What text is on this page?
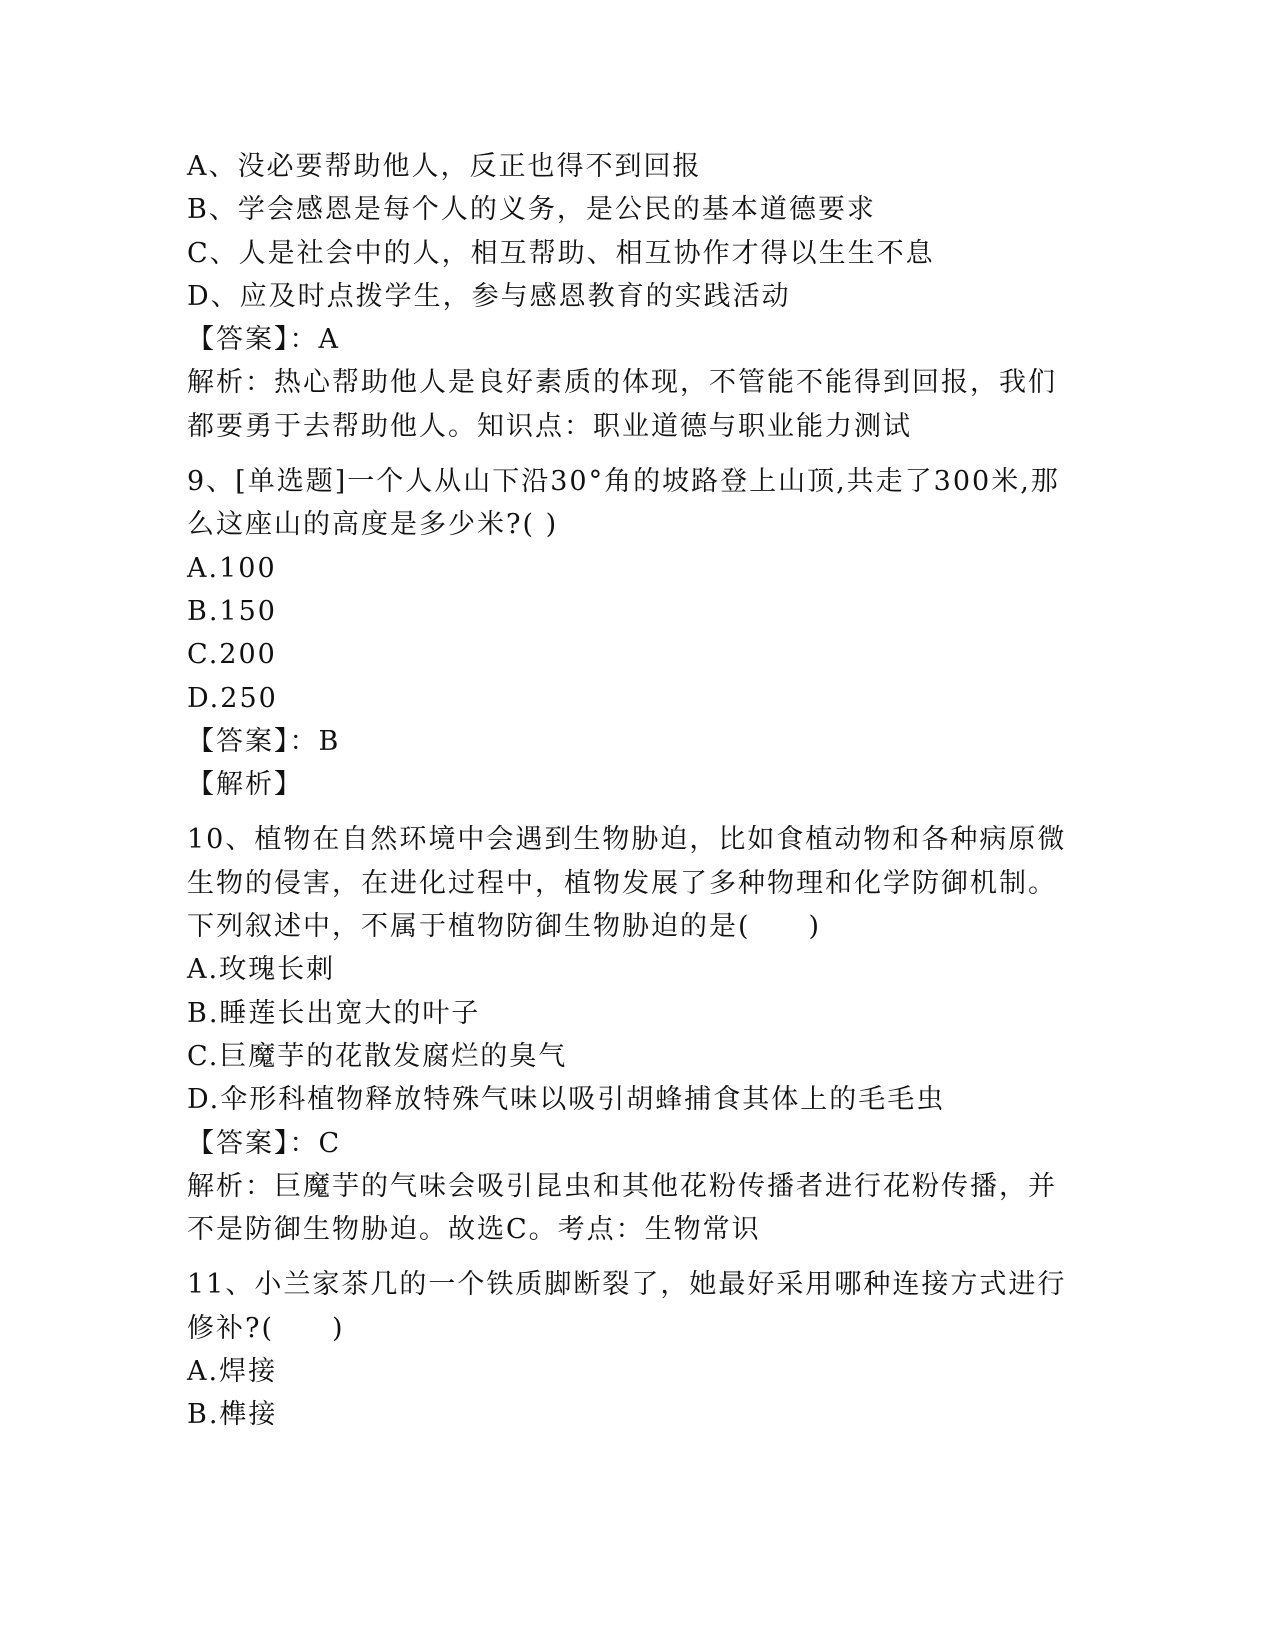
A、没必要帮助他人，反正也得不到回报
B、学会感恩是每个人的义务，是公民的基本道德要求
C、人是社会中的人，相互帮助、相互协作才得以生生不息
D、应及时点拨学生，参与感恩教育的实践活动
【答案】：A
解析：热心帮助他人是良好素质的体现，不管能不能得到回报，我们
都要勇于去帮助他人。知识点：职业道德与职业能力测试
9、[单选题]一个人从山下沿30°角的坡路登上山顶,共走了300米,那
么这座山的高度是多少米?( )
A.100
B.150
C.200
D.250
【答案】：B
【解析】
10、植物在自然环境中会遇到生物胁迫，比如食植动物和各种病原微
生物的侵害，在进化过程中，植物发展了多种物理和化学防御机制。
下列叙述中，不属于植物防御生物胁迫的是(　　)
A.玫瑰长刺
B.睡莲长出宽大的叶子
C.巨魔芋的花散发腐烂的臭气
D.伞形科植物释放特殊气味以吸引胡蜂捕食其体上的毛毛虫
【答案】：C
解析：巨魔芋的气味会吸引昆虫和其他花粉传播者进行花粉传播，并
不是防御生物胁迫。故选C。考点：生物常识
11、小兰家茶几的一个铁质脚断裂了，她最好采用哪种连接方式进行
修补?(　　)
A.焊接
B.榫接
